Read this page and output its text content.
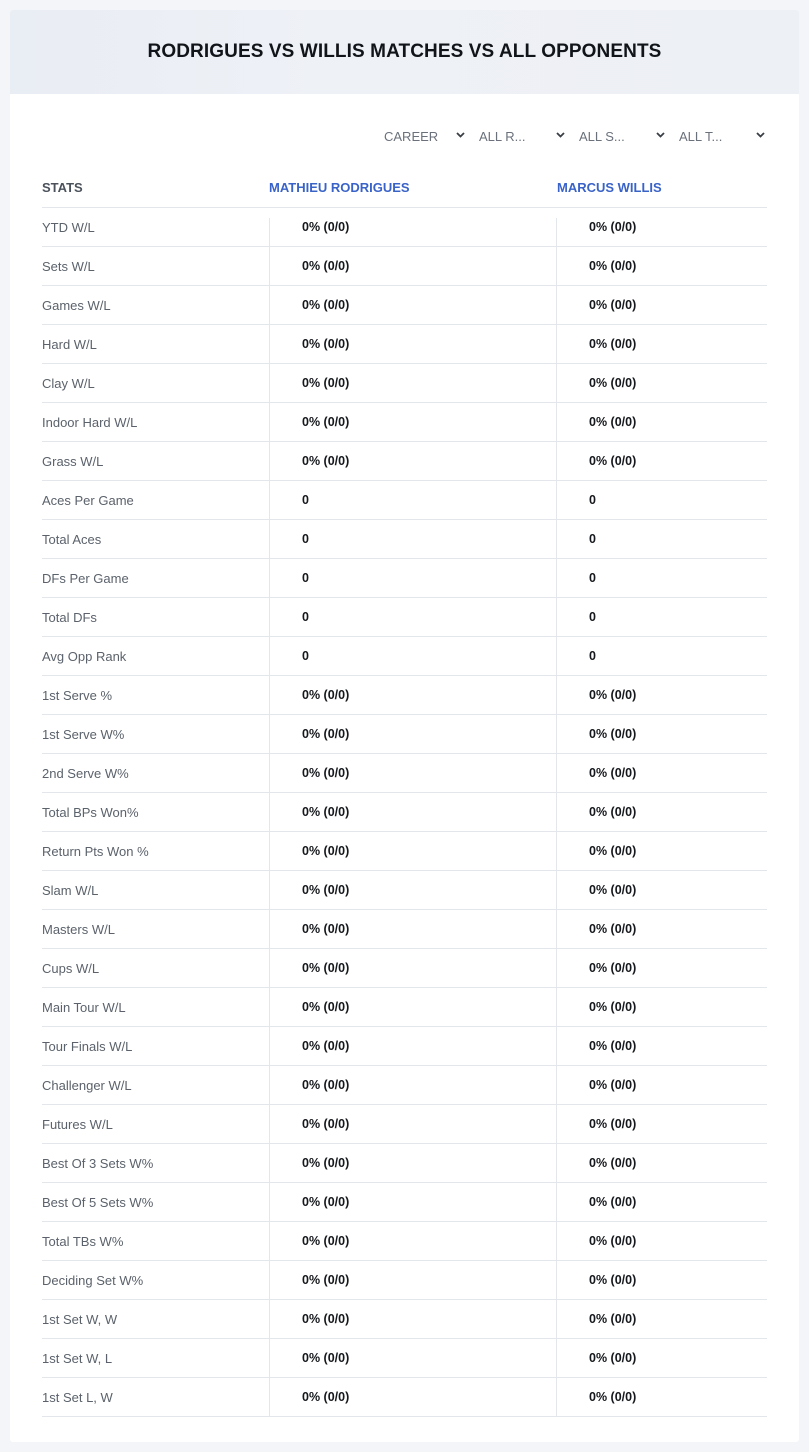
RODRIGUES VS WILLIS MATCHES VS ALL OPPONENTS
CAREER	ALL R...	ALL S...	ALL T...
STATS	MATHIEU RODRIGUES	MARCUS WILLIS
YTD W/L	0% (0/0)	0% (0/0)
Sets W/L	0% (0/0)	0% (0/0)
Games W/L	0% (0/0)	0% (0/0)
Hard W/L	0% (0/0)	0% (0/0)
Clay W/L	0% (0/0)	0% (0/0)
Indoor Hard W/L	0% (0/0)	0% (0/0)
Grass W/L	0% (0/0)	0% (0/0)
Aces Per Game	0	0
Total Aces	0	0
DFs Per Game	0	0
Total DFs	0	0
Avg Opp Rank	0	0
1st Serve %	0% (0/0)	0% (0/0)
1st Serve W%	0% (0/0)	0% (0/0)
2nd Serve W%	0% (0/0)	0% (0/0)
Total BPs Won%	0% (0/0)	0% (0/0)
Return Pts Won %	0% (0/0)	0% (0/0)
Slam W/L	0% (0/0)	0% (0/0)
Masters W/L	0% (0/0)	0% (0/0)
Cups W/L	0% (0/0)	0% (0/0)
Main Tour W/L	0% (0/0)	0% (0/0)
Tour Finals W/L	0% (0/0)	0% (0/0)
Challenger W/L	0% (0/0)	0% (0/0)
Futures W/L	0% (0/0)	0% (0/0)
Best Of 3 Sets W%	0% (0/0)	0% (0/0)
Best Of 5 Sets W%	0% (0/0)	0% (0/0)
Total TBs W%	0% (0/0)	0% (0/0)
Deciding Set W%	0% (0/0)	0% (0/0)
1st Set W, W	0% (0/0)	0% (0/0)
1st Set W, L	0% (0/0)	0% (0/0)
1st Set L, W	0% (0/0)	0% (0/0)
